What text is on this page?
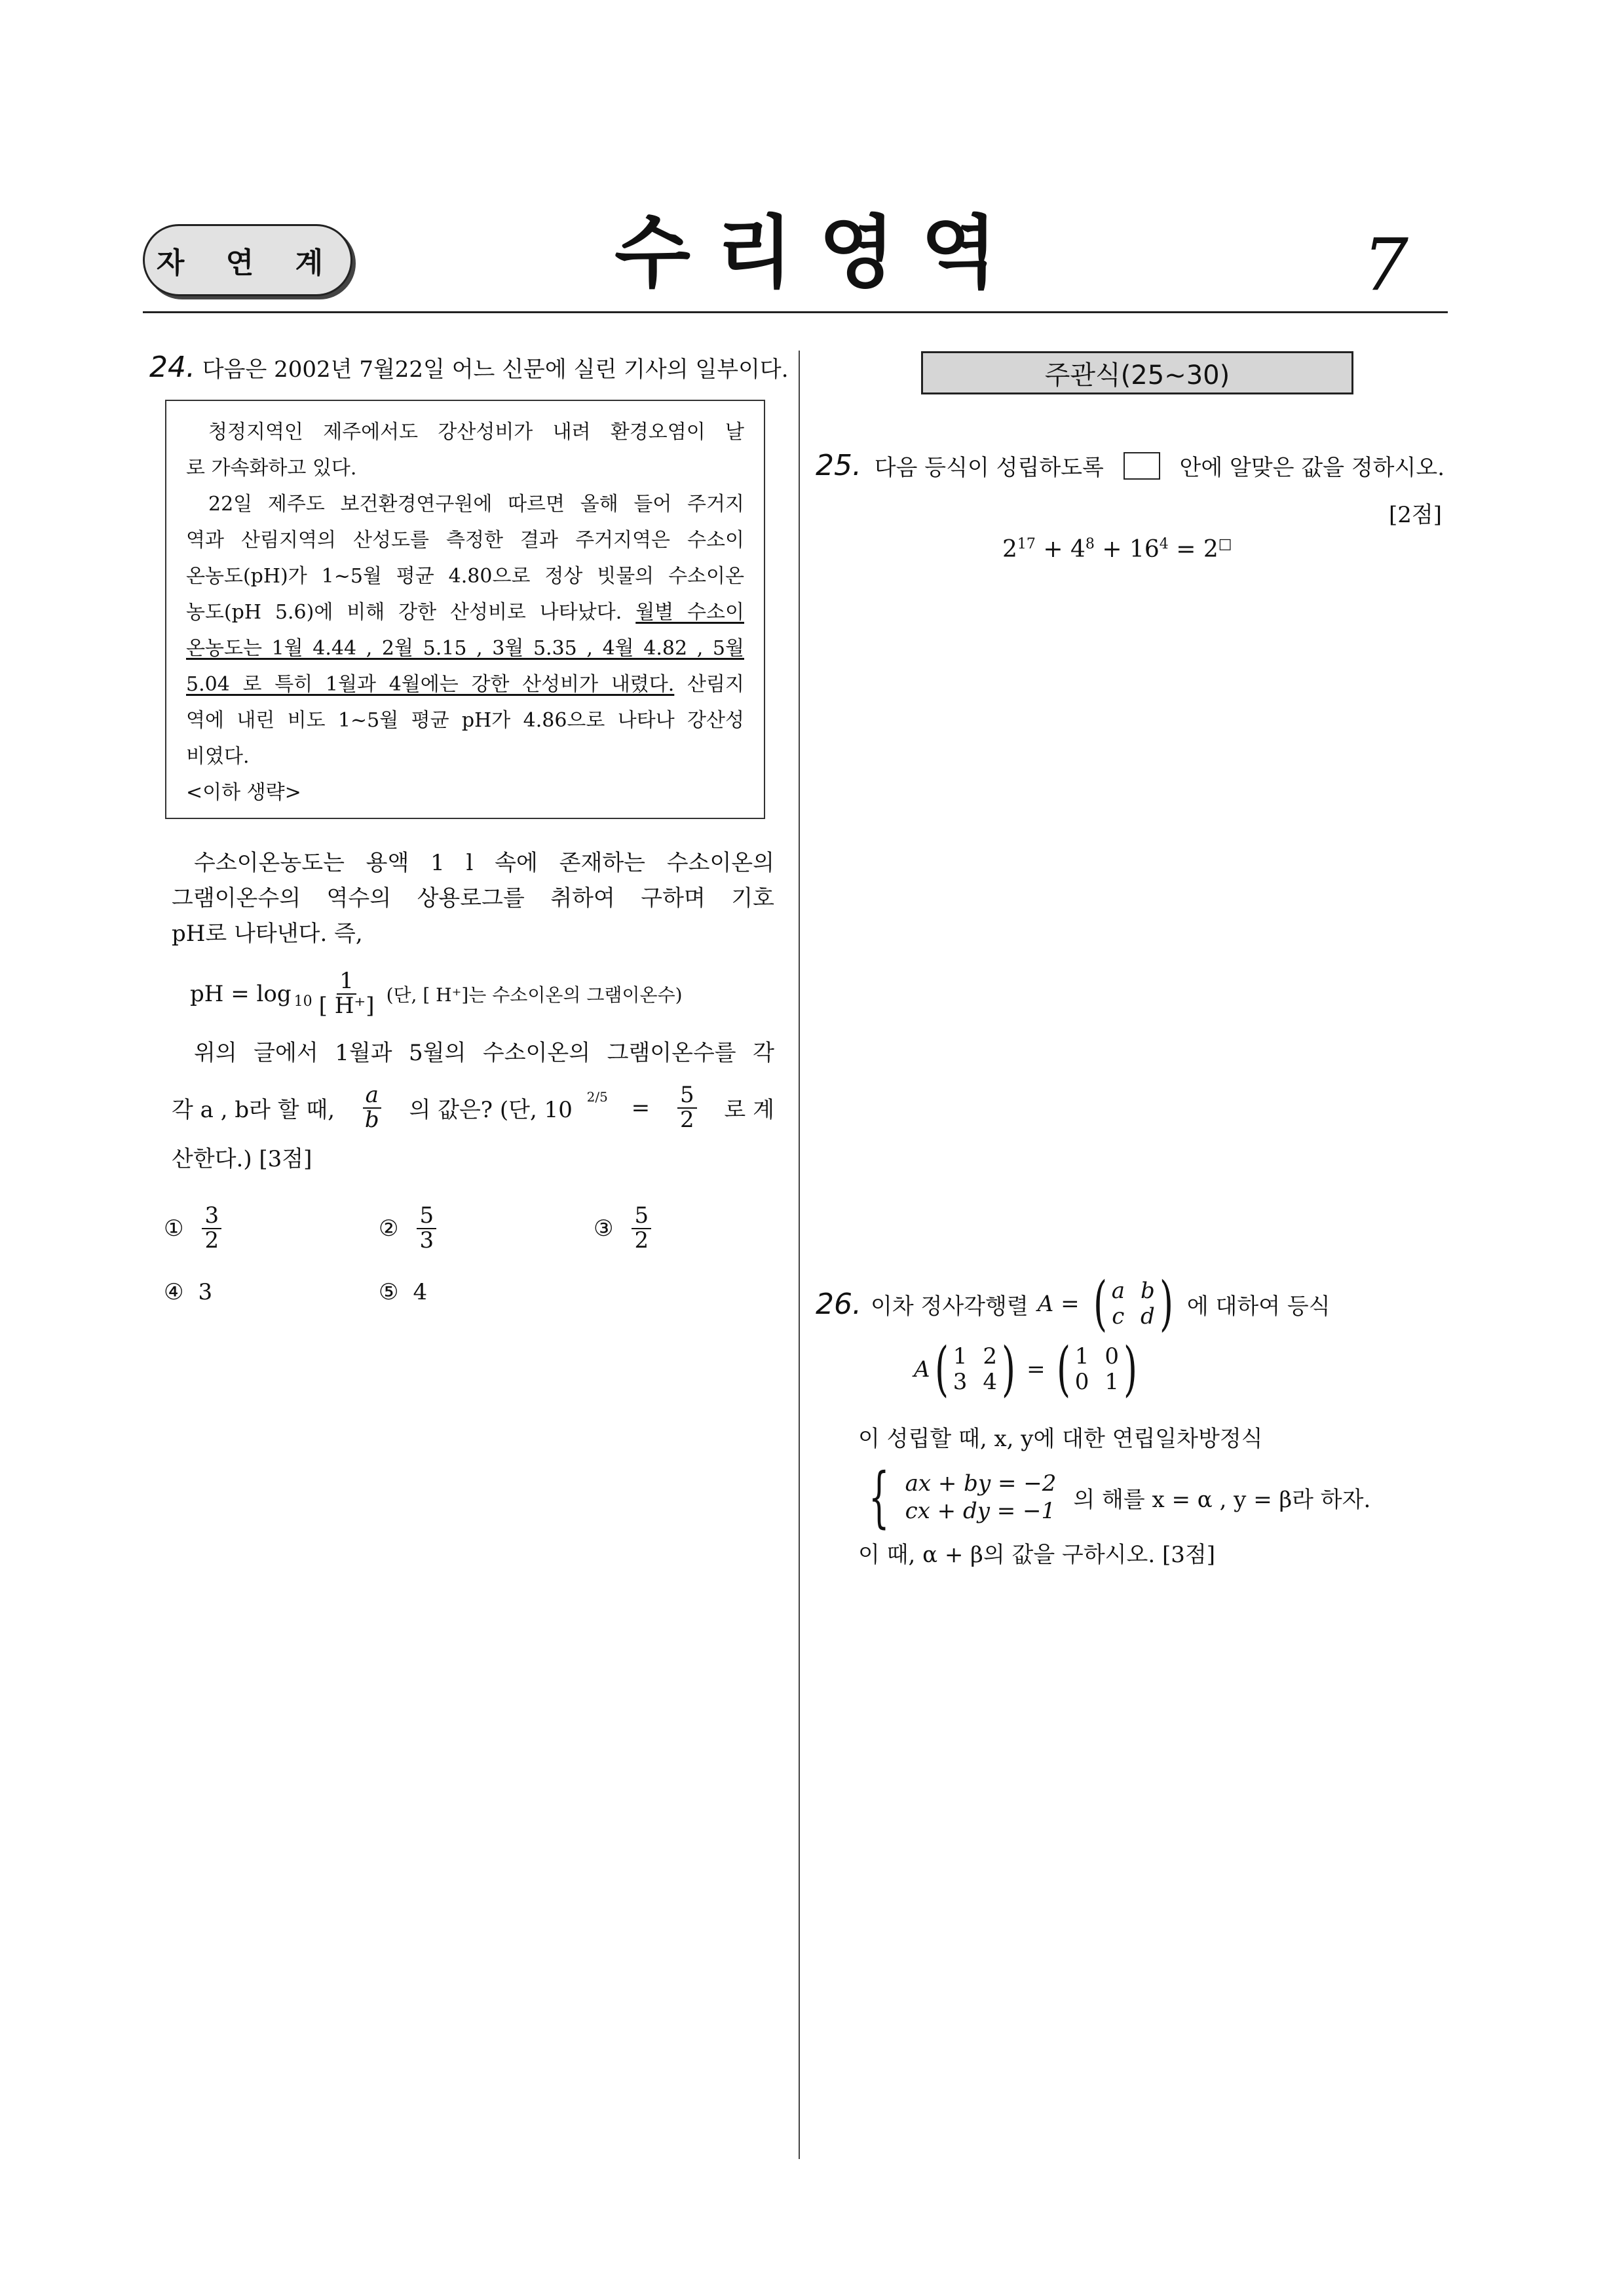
자 연 계	수리영역	7
24. 다음은 2002년 7월22일 어느 신문에 실린 기사의 일부이다.
청정지역인 제주에서도 강산성비가 내려 환경오염이 날
로 가속화하고 있다.
22일 제주도 보건환경연구원에 따르면 올해 들어 주거지
역과 산림지역의 산성도를 측정한 결과 주거지역은 수소이
온농도(pH)가 1~5월 평균 4.80으로 정상 빗물의 수소이온
농도(pH 5.6)에 비해 강한 산성비로 나타났다. 월별 수소이
온농도는 1월 4.44 , 2월 5.15 , 3월 5.35 , 4월 4.82 , 5월
5.04 로 특히 1월과 4월에는 강한 산성비가 내렸다. 산림지
역에 내린 비도 1~5월 평균 pH가 4.86으로 나타나 강산성
비였다.
<이하 생략>
수소이온농도는 용액 1 l 속에 존재하는 수소이온의
그램이온수의 역수의 상용로그를 취하여 구하며 기호
pH로 나타낸다. 즉,
pH = $\log 10 \frac{1}{[ H^+]}$ (단, [ H⁺]는 수소이온의 그램이온수)
위의 글에서 1월과 5월의 수소이온의 그램이온수를 각
각 a , b라 할 때, $\frac{a}{b}$ 의 값은? (단, 10
$2/5 = \frac{5}{2}$ 로 계
산한다.) [3점]
① $\frac{3}{2}$	② $\frac{5}{3}$	③ $\frac{5}{2}$
④ 3	⑤ 4
주관식(25∼30)
25. 다음 등식이 성립하도록	안에 알맞은 값을 정하시오.
[2점]
$2^{17} + 4^8 + 16^4 = 2^□$
26. 이차 정사각행렬 A = ( a b
c d ) 에 대하여 등식
A ( 1 2
3 4 ) = ( 1 0
0 1 )
이 성립할 때, x, y에 대한 연립일차방정식
{ ax + by = −2
cx + dy = −1 의 해를 x = α , y = β라 하자.
이 때, α + β의 값을 구하시오. [3점]
